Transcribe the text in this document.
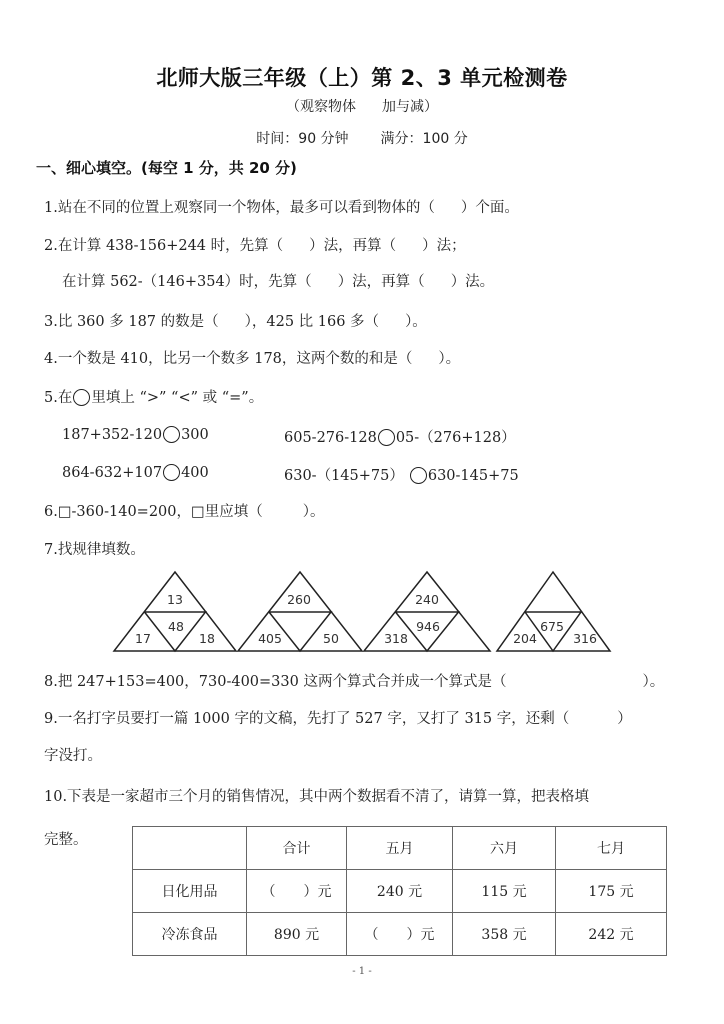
北师大版三年级（上）第 2、3 单元检测卷
（观察物体 加与减）
时间：90 分钟 满分：100 分
一、细心填空。(每空 1 分，共 20 分)
1.站在不同的位置上观察同一个物体，最多可以看到物体的（ ）个面。
2.在计算 438-156+244 时，先算（ ）法，再算（ ）法；
在计算 562-（146+354）时，先算（ ）法，再算（ ）法。
3.比 360 多 187 的数是（ ），425 比 166 多（ ）。
4.一个数是 410，比另一个数多 178，这两个数的和是（ ）。
5.在 里填上 “>” “<” 或 “=”。
187+352-120 300	605-276-128 05-（276+128）
864-632+107 400	630-（145+75） 630-145+75
6.□-360-140=200，□里应填（	）。
7.找规律填数。
13
48
17	18
260
405	50
240
946
318
675
204	316
8.把 247+153=400，730-400=330 这两个算式合并成一个算式是（	）。
9.一名打字员要打一篇 1000 字的文稿，先打了 527 字，又打了 315 字，还剩（	）
字没打。
10.下表是一家超市三个月的销售情况，其中两个数据看不清了，请算一算，把表格填
完整。
	合计	五月	六月	七月
日化用品	（　　）元	240 元	115 元	175 元
冷冻食品	890 元	（　　）元	358 元	242 元
- 1 -
